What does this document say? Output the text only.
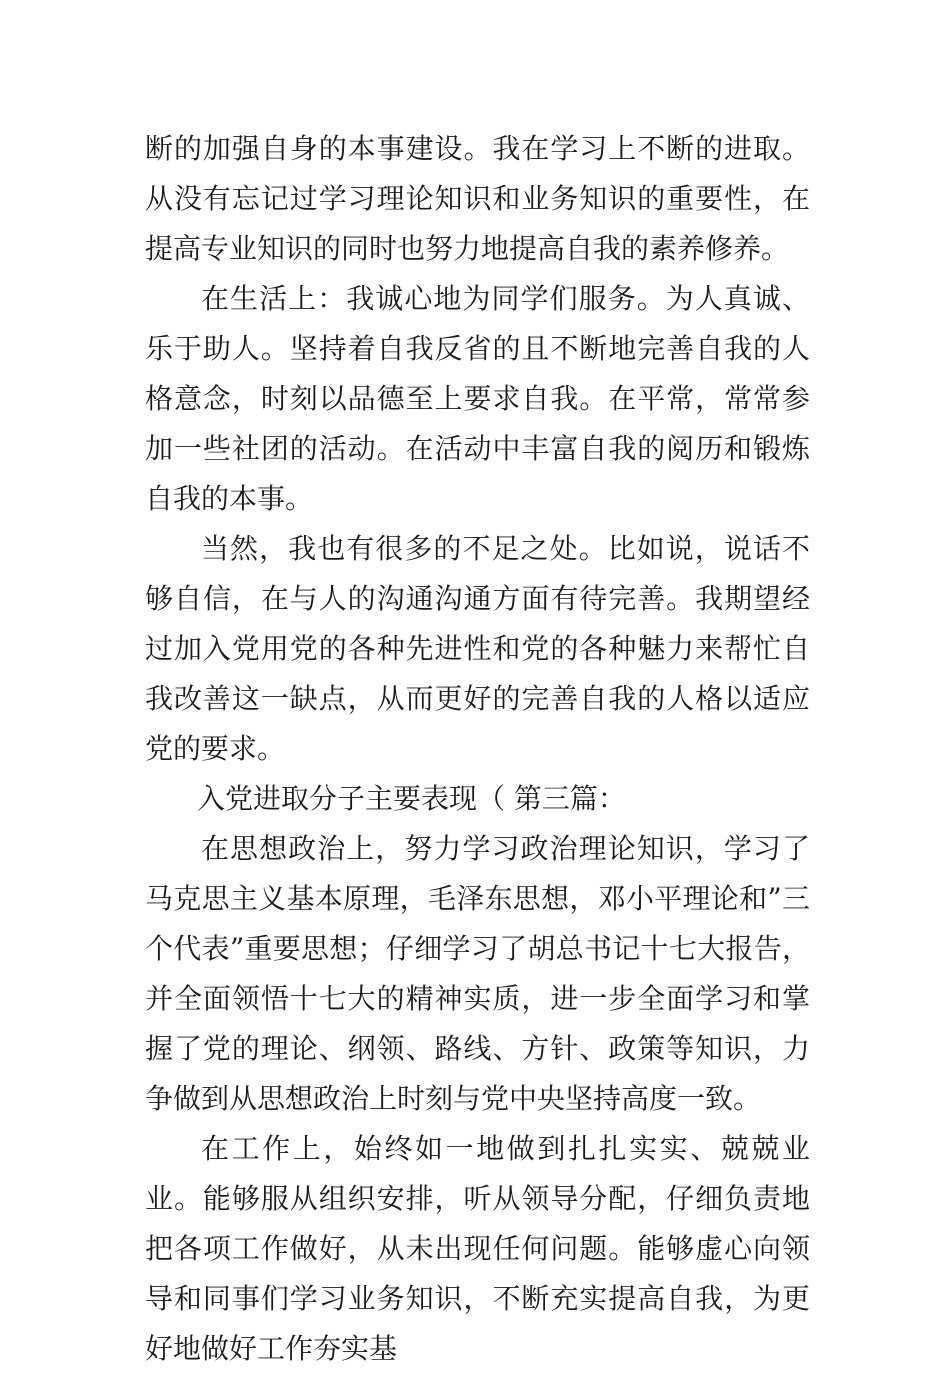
断的加强自身的本事建设。我在学习上不断的进取。从没有忘记过学习理论知识和业务知识的重要性，在提高专业知识的同时也努力地提高自我的素养修养。

在生活上：我诚心地为同学们服务。为人真诚、乐于助人。坚持着自我反省的且不断地完善自我的人格意念，时刻以品德至上要求自我。在平常，常常参加一些社团的活动。在活动中丰富自我的阅历和锻炼自我的本事。

当然，我也有很多的不足之处。比如说，说话不够自信，在与人的沟通沟通方面有待完善。我期望经过加入党用党的各种先进性和党的各种魅力来帮忙自我改善这一缺点，从而更好的完善自我的人格以适应党的要求。

入党进取分子主要表现（ 第三篇：

在思想政治上，努力学习政治理论知识，学习了马克思主义基本原理，毛泽东思想，邓小平理论和”三个代表”重要思想；仔细学习了胡总书记十七大报告，并全面领悟十七大的精神实质，进一步全面学习和掌握了党的理论、纲领、路线、方针、政策等知识，力争做到从思想政治上时刻与党中央坚持高度一致。

在工作上，始终如一地做到扎扎实实、兢兢业业。能够服从组织安排，听从领导分配，仔细负责地把各项工作做好，从未出现任何问题。能够虚心向领导和同事们学习业务知识，不断充实提高自我，为更好地做好工作夯实基
